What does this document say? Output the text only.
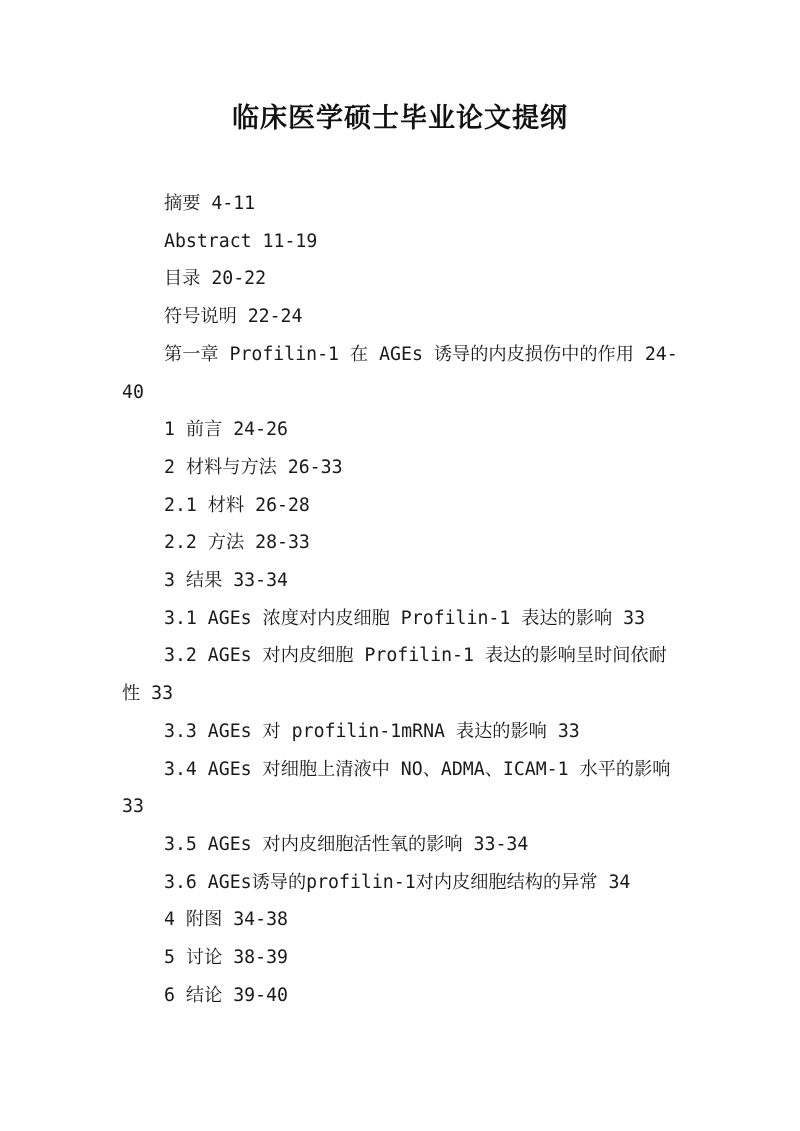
临床医学硕士毕业论文提纲
摘要 4-11
Abstract 11-19
目录 20-22
符号说明 22-24
第一章 Profilin-1 在 AGEs 诱导的内皮损伤中的作用 24-40
1 前言 24-26
2 材料与方法 26-33
2.1 材料 26-28
2.2 方法 28-33
3 结果 33-34
3.1 AGEs 浓度对内皮细胞 Profilin-1 表达的影响 33
3.2 AGEs 对内皮细胞 Profilin-1 表达的影响呈时间依耐性 33
3.3 AGEs 对 profilin-1mRNA 表达的影响 33
3.4 AGEs 对细胞上清液中 NO、ADMA、ICAM-1 水平的影响 33
3.5 AGEs 对内皮细胞活性氧的影响 33-34
3.6 AGEs诱导的profilin-1对内皮细胞结构的异常 34
4 附图 34-38
5 讨论 38-39
6 结论 39-40
